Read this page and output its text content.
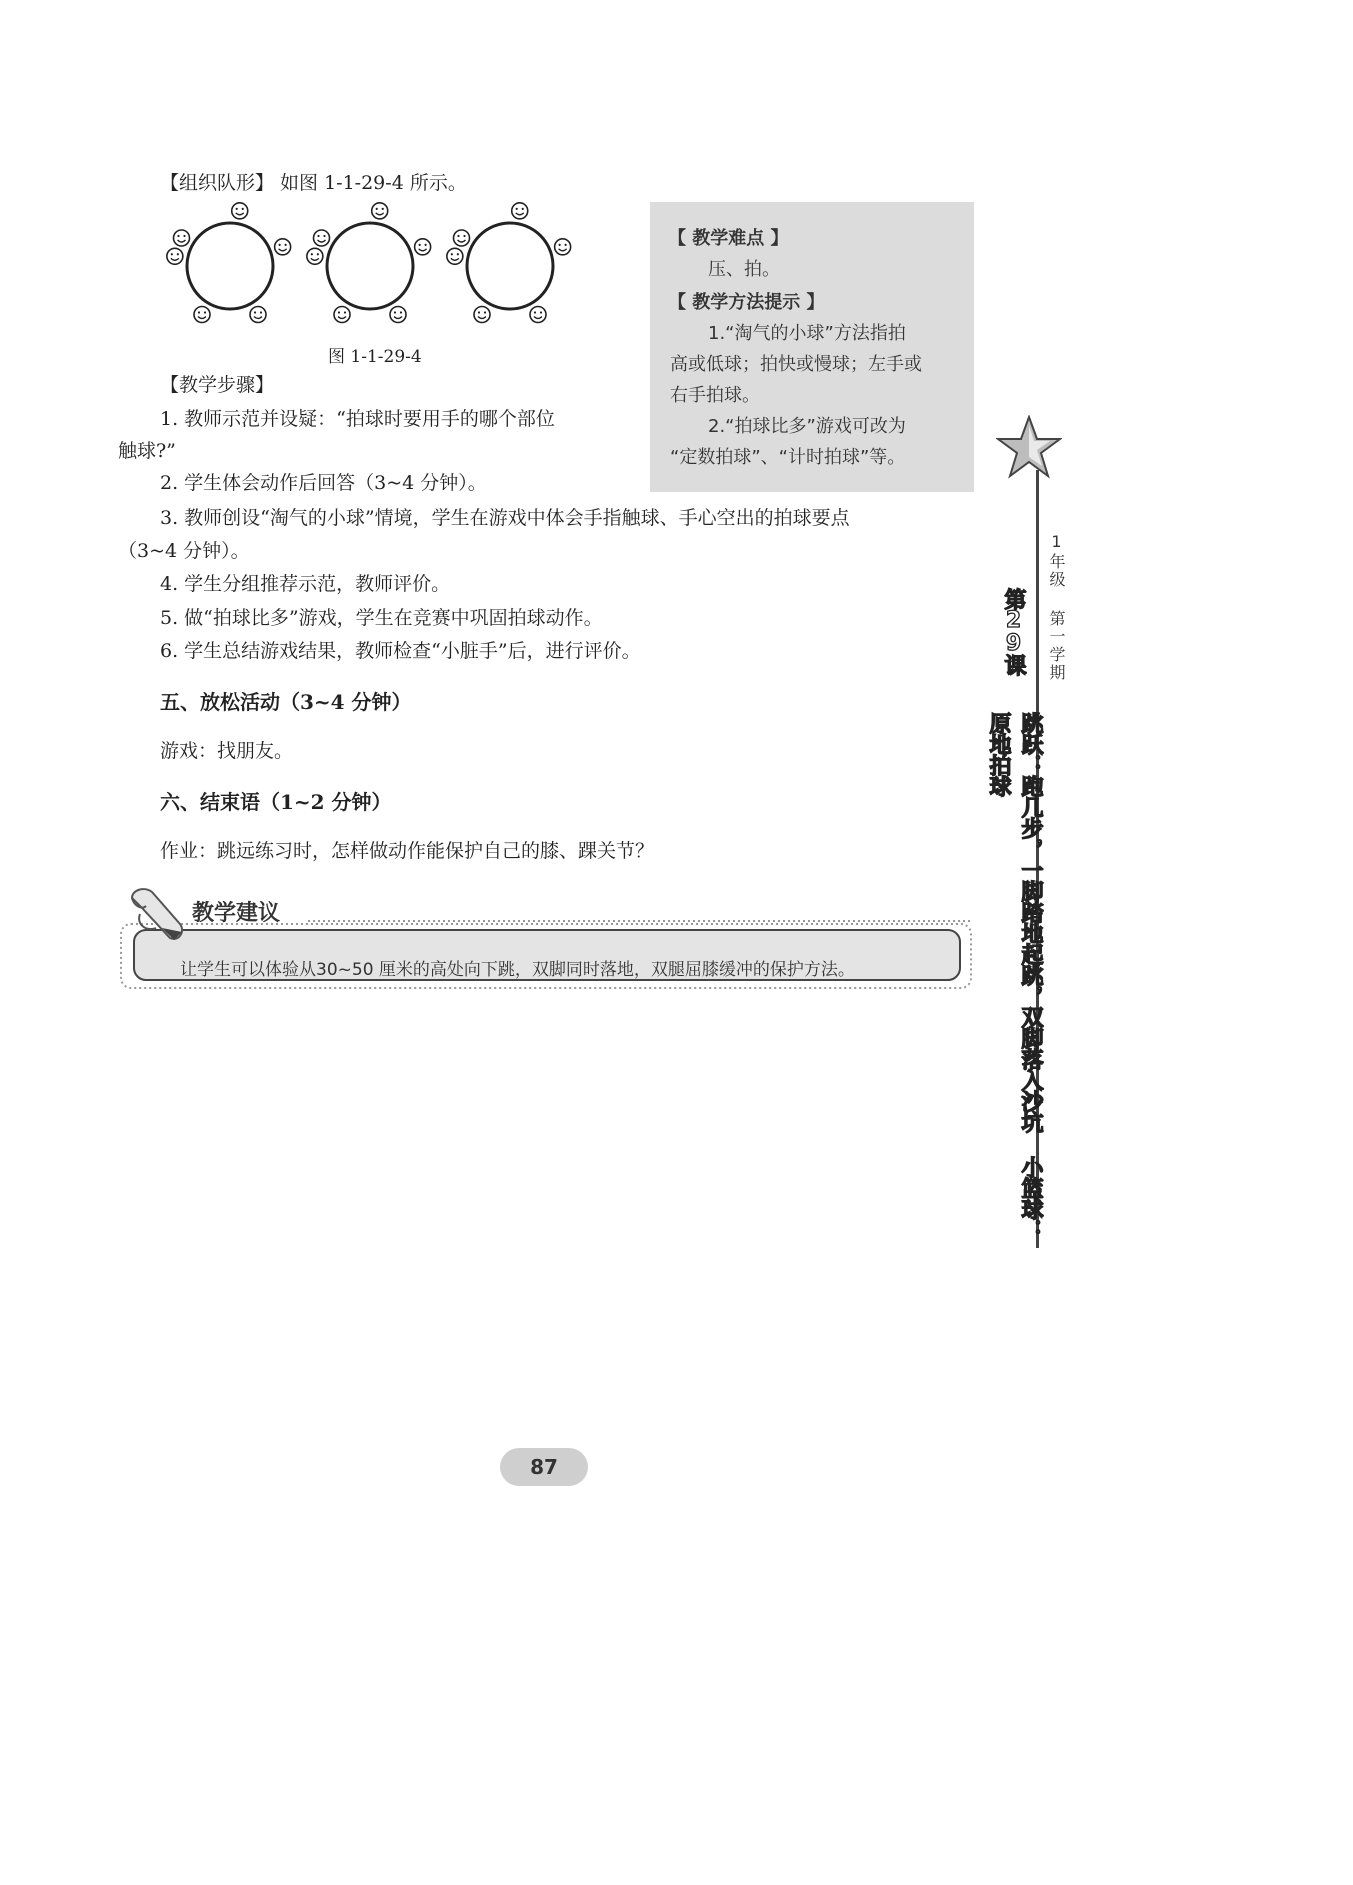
【组织队形】 如图 1-1-29-4 所示。
图 1-1-29-4
【教学步骤】
1. 教师示范并设疑：“拍球时要用手的哪个部位
触球?”
2. 学生体会动作后回答（3~4 分钟）。
3. 教师创设“淘气的小球”情境，学生在游戏中体会手指触球、手心空出的拍球要点
（3~4 分钟）。
4. 学生分组推荐示范，教师评价。
5. 做“拍球比多”游戏，学生在竞赛中巩固拍球动作。
6. 学生总结游戏结果，教师检查“小脏手”后，进行评价。
【 教学难点 】
压、拍。
【 教学方法提示 】
1.“淘气的小球”方法指拍
高或低球；拍快或慢球；左手或
右手拍球。
2.“拍球比多”游戏可改为
“定数拍球”、“计时拍球”等。
五、放松活动（3~4 分钟）
游戏：找朋友。
六、结束语（1~2 分钟）
作业：跳远练习时，怎样做动作能保护自己的膝、踝关节？
教学建议
让学生可以体验从30~50 厘米的高处向下跳，双脚同时落地，双腿屈膝缓冲的保护方法。
1年级 第一学期
第29课
跳跃：跑几步，一脚踏地起跳，双脚落入沙坑 小篮球：原地拍球
87
